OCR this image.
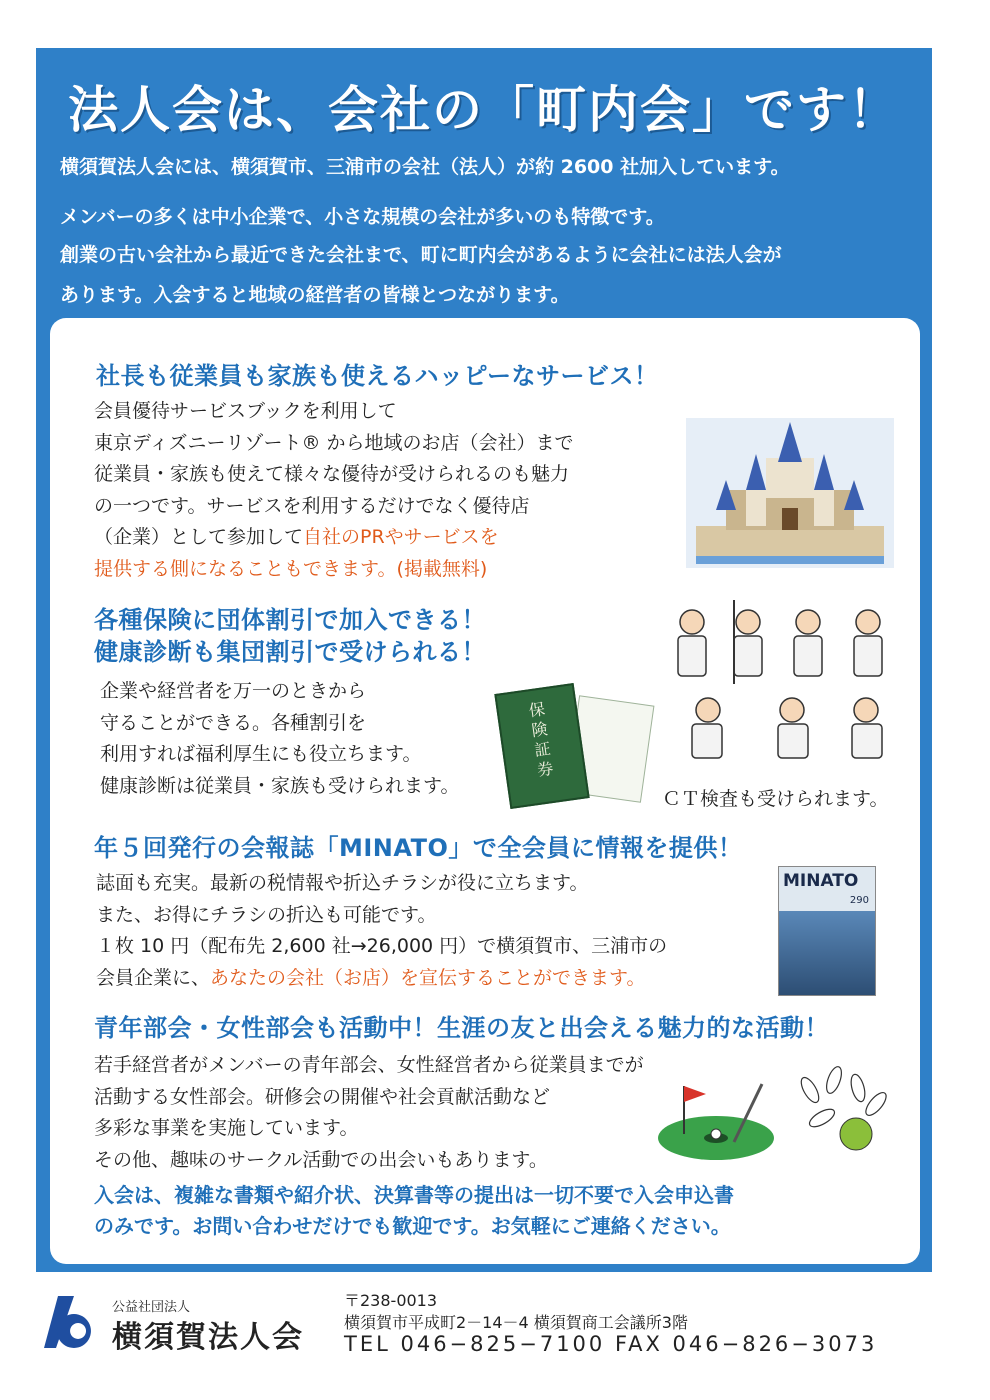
法人会は、会社の「町内会」です！
横須賀法人会には、横須賀市、三浦市の会社（法人）が約 2600 社加入しています。
メンバーの多くは中小企業で、小さな規模の会社が多いのも特徴です。
創業の古い会社から最近できた会社まで、町に町内会があるように会社には法人会が
あります。入会すると地域の経営者の皆様とつながります。
社長も従業員も家族も使えるハッピーなサービス！
会員優待サービスブックを利用して
東京ディズニーリゾート® から地域のお店（会社）まで
従業員・家族も使えて様々な優待が受けられるのも魅力
の一つです。サービスを利用するだけでなく優待店
（企業）として参加して自社のPRやサービスを
提供する側になることもできます。(掲載無料)
各種保険に団体割引で加入できる！
健康診断も集団割引で受けられる！
企業や経営者を万一のときから
守ることができる。各種割引を
利用すれば福利厚生にも役立ちます。
健康診断は従業員・家族も受けられます。
保険証券
ＣＴ検査も受けられます。
年５回発行の会報誌「MINATO」で全会員に情報を提供！
誌面も充実。最新の税情報や折込チラシが役に立ちます。
また、お得にチラシの折込も可能です。
１枚 10 円（配布先 2,600 社→26,000 円）で横須賀市、三浦市の
会員企業に、あなたの会社（お店）を宣伝することができます。
MINATO
290
青年部会・女性部会も活動中！生涯の友と出会える魅力的な活動！
若手経営者がメンバーの青年部会、女性経営者から従業員までが
活動する女性部会。研修会の開催や社会貢献活動など
多彩な事業を実施しています。
その他、趣味のサークル活動での出会いもあります。
入会は、複雑な書類や紹介状、決算書等の提出は一切不要で入会申込書
のみです。お問い合わせだけでも歓迎です。お気軽にご連絡ください。
公益社団法人
横須賀法人会
〒238-0013
横須賀市平成町2－14－4 横須賀商工会議所3階
TEL 046−825−7100 FAX 046−826−3073
